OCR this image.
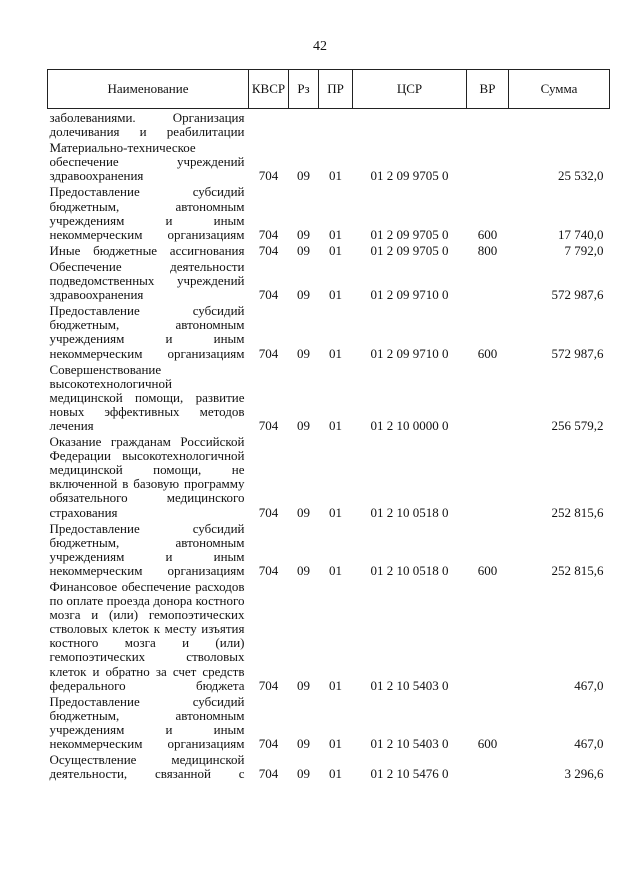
42
Наименование	КВСР	Рз	ПР	ЦСР	ВР	Сумма
заболеваниями. Организация долечивания и реабилитации						
Материально-техническое обеспечение учреждений здравоохранения	704	09	01	01 2 09 9705 0		25 532,0
Предоставление субсидий бюджетным, автономным учреждениям и иным некоммерческим организациям	704	09	01	01 2 09 9705 0	600	17 740,0
Иные бюджетные ассигнования	704	09	01	01 2 09 9705 0	800	7 792,0
Обеспечение деятельности подведомственных учреждений здравоохранения	704	09	01	01 2 09 9710 0		572 987,6
Предоставление субсидий бюджетным, автономным учреждениям и иным некоммерческим организациям	704	09	01	01 2 09 9710 0	600	572 987,6
Совершенствование высокотехнологичной медицинской помощи, развитие новых эффективных методов лечения	704	09	01	01 2 10 0000 0		256 579,2
Оказание гражданам Российской Федерации высокотехнологичной медицинской помощи, не включенной в базовую программу обязательного медицинского страхования	704	09	01	01 2 10 0518 0		252 815,6
Предоставление субсидий бюджетным, автономным учреждениям и иным некоммерческим организациям	704	09	01	01 2 10 0518 0	600	252 815,6
Финансовое обеспечение расходов по оплате проезда донора костного мозга и (или) гемопоэтических стволовых клеток к месту изъятия костного мозга и (или) гемопоэтических стволовых клеток и обратно за счет средств федерального бюджета	704	09	01	01 2 10 5403 0		467,0
Предоставление субсидий бюджетным, автономным учреждениям и иным некоммерческим организациям	704	09	01	01 2 10 5403 0	600	467,0
Осуществление медицинской деятельности, связанной с	704	09	01	01 2 10 5476 0		3 296,6
